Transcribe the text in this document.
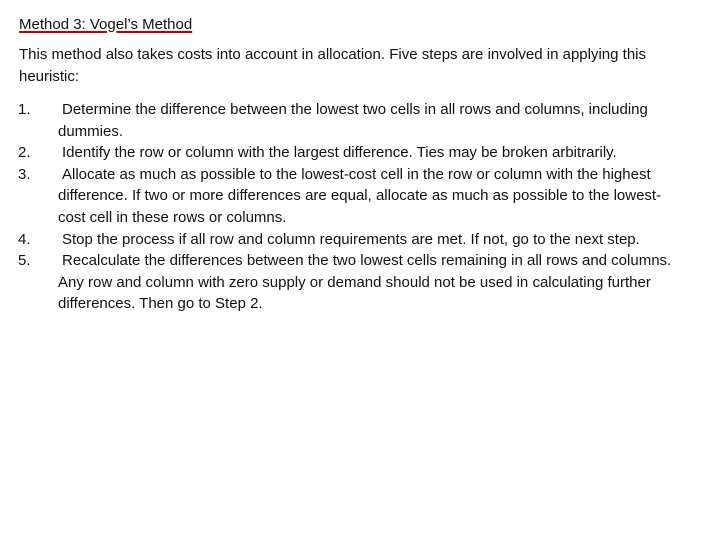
Method 3: Vogel’s Method
This method also takes costs into account in allocation. Five steps are involved in applying this heuristic:
1.	Determine the difference between the lowest two cells in all rows and columns, including dummies.
2.	Identify the row or column with the largest difference. Ties may be broken arbitrarily.
3.	Allocate as much as possible to the lowest-cost cell in the row or column with the highest difference. If two or more differences are equal, allocate as much as possible to the lowest-cost cell in these rows or columns.
4.	Stop the process if all row and column requirements are met. If not, go to the next step.
5.	Recalculate the differences between the two lowest cells remaining in all rows and columns. Any row and column with zero supply or demand should not be used in calculating further differences. Then go to Step 2.
